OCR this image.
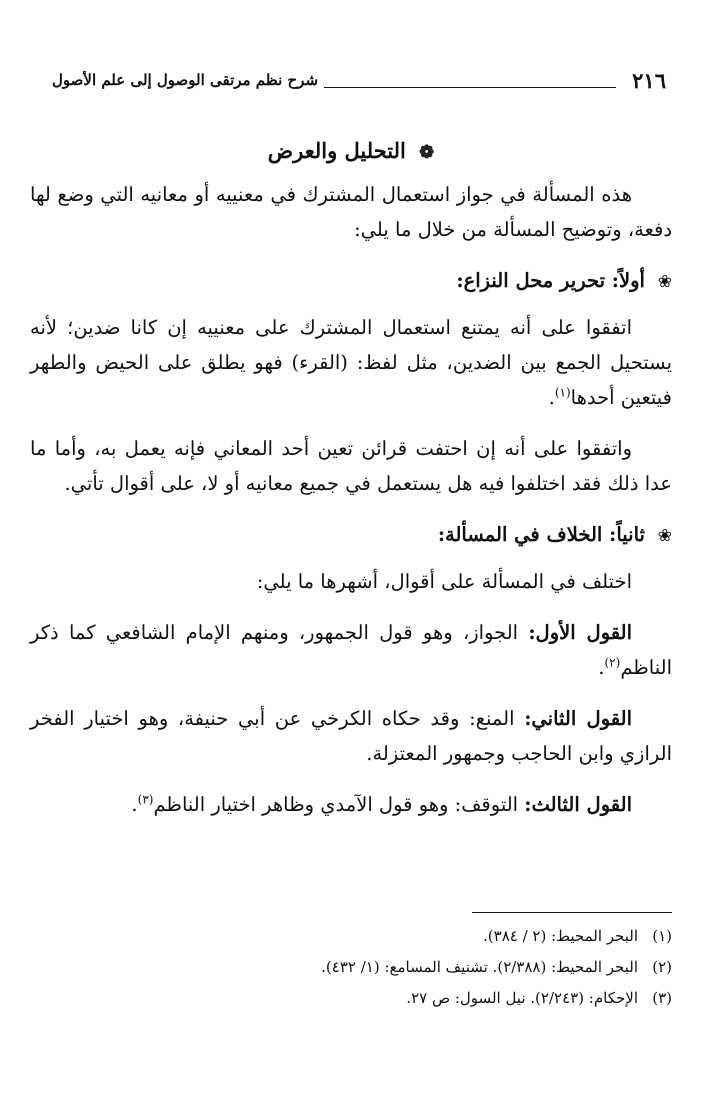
٢١٦
شرح نظم مرتقى الوصول إلى علم الأصول
❁ التحليل والعرض

هذه المسألة في جواز استعمال المشترك في معنييه أو معانيه التي وضع لها دفعة، وتوضيح المسألة من خلال ما يلي:

❀ أولاً: تحرير محل النزاع:

اتفقوا على أنه يمتنع استعمال المشترك على معنييه إن كانا ضدين؛ لأنه يستحيل الجمع بين الضدين، مثل لفظ: (القرء) فهو يطلق على الحيض والطهر فيتعين أحدها$^{(١)}$.

واتفقوا على أنه إن احتفت قرائن تعين أحد المعاني فإنه يعمل به، وأما ما عدا ذلك فقد اختلفوا فيه هل يستعمل في جميع معانيه أو لا، على أقوال تأتي.

❀ ثانياً: الخلاف في المسألة:

اختلف في المسألة على أقوال، أشهرها ما يلي:

القول الأول: الجواز، وهو قول الجمهور، ومنهم الإمام الشافعي كما ذكر الناظم$^{(٢)}$.

القول الثاني: المنع: وقد حكاه الكرخي عن أبي حنيفة، وهو اختيار الفخر الرازي وابن الحاجب وجمهور المعتزلة.

القول الثالث: التوقف: وهو قول الآمدي وظاهر اختيار الناظم$^{(٣)}$.

(١)
البحر المحيط: (٢ / ٣٨٤).
(٢)
البحر المحيط: (٢/٣٨٨). تشنيف المسامع: (١/ ٤٣٢).
(٣)
الإحكام: (٢/٢٤٣). نيل السول: ص ٢٧.
